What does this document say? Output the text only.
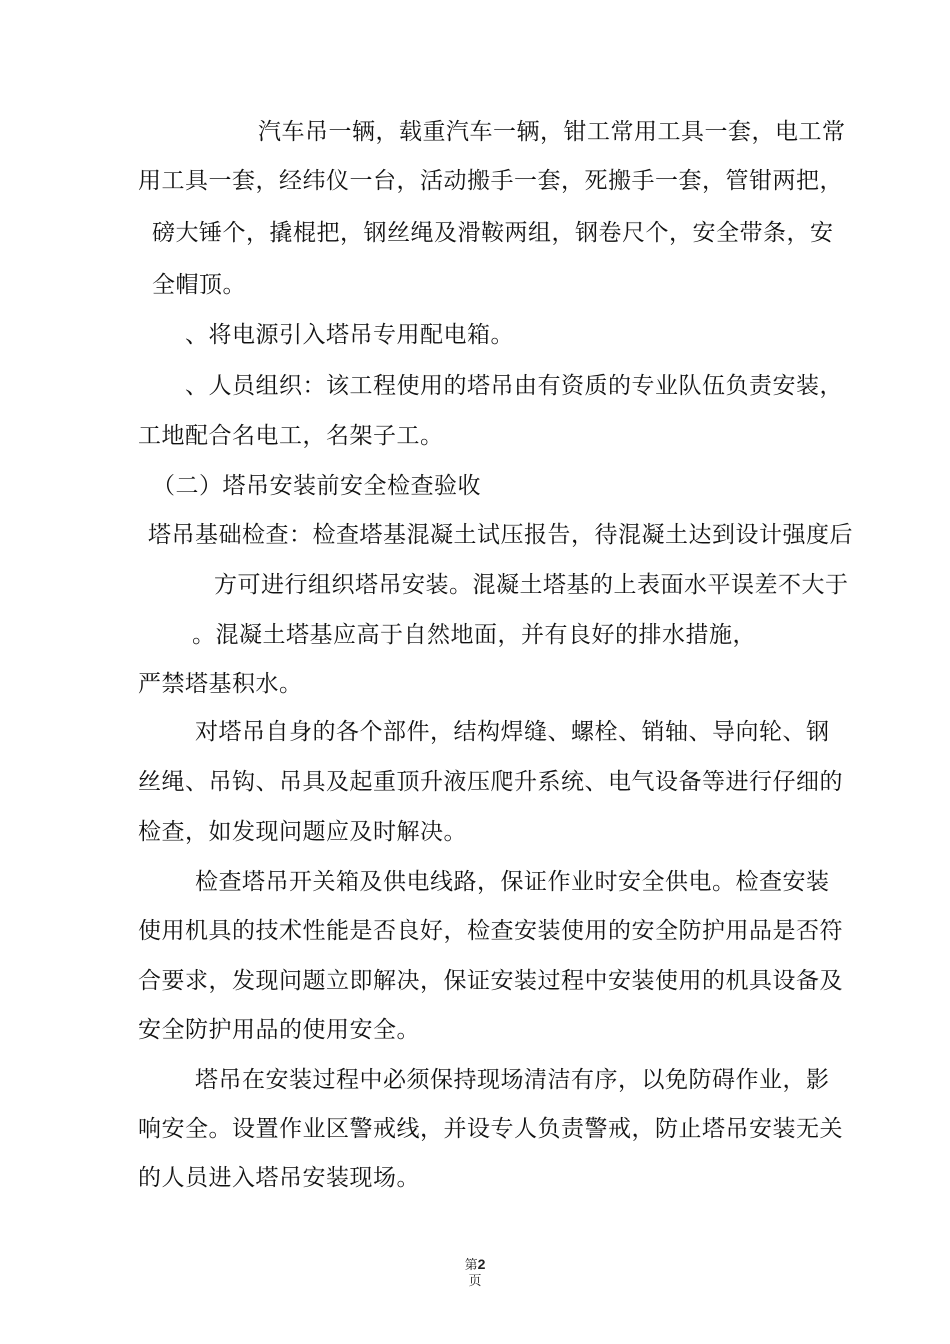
汽车吊一辆，载重汽车一辆，钳工常用工具一套，电工常
用工具一套，经纬仪一台，活动搬手一套，死搬手一套，管钳两把，
磅大锤个，撬棍把，钢丝绳及滑鞍两组，钢卷尺个，安全带条，安
全帽顶。
、将电源引入塔吊专用配电箱。
、人员组织：该工程使用的塔吊由有资质的专业队伍负责安装，
工地配合名电工，名架子工。
（二）塔吊安装前安全检查验收
塔吊基础检查：检查塔基混凝土试压报告，待混凝土达到设计强度后
方可进行组织塔吊安装。混凝土塔基的上表面水平误差不大于
。混凝土塔基应高于自然地面，并有良好的排水措施，
严禁塔基积水。
对塔吊自身的各个部件，结构焊缝、螺栓、销轴、导向轮、钢
丝绳、吊钩、吊具及起重顶升液压爬升系统、电气设备等进行仔细的
检查，如发现问题应及时解决。
检查塔吊开关箱及供电线路，保证作业时安全供电。检查安装
使用机具的技术性能是否良好，检查安装使用的安全防护用品是否符
合要求，发现问题立即解决，保证安装过程中安装使用的机具设备及
安全防护用品的使用安全。
塔吊在安装过程中必须保持现场清洁有序，以免防碍作业，影
响安全。设置作业区警戒线，并设专人负责警戒，防止塔吊安装无关
的人员进入塔吊安装现场。
第2
页
